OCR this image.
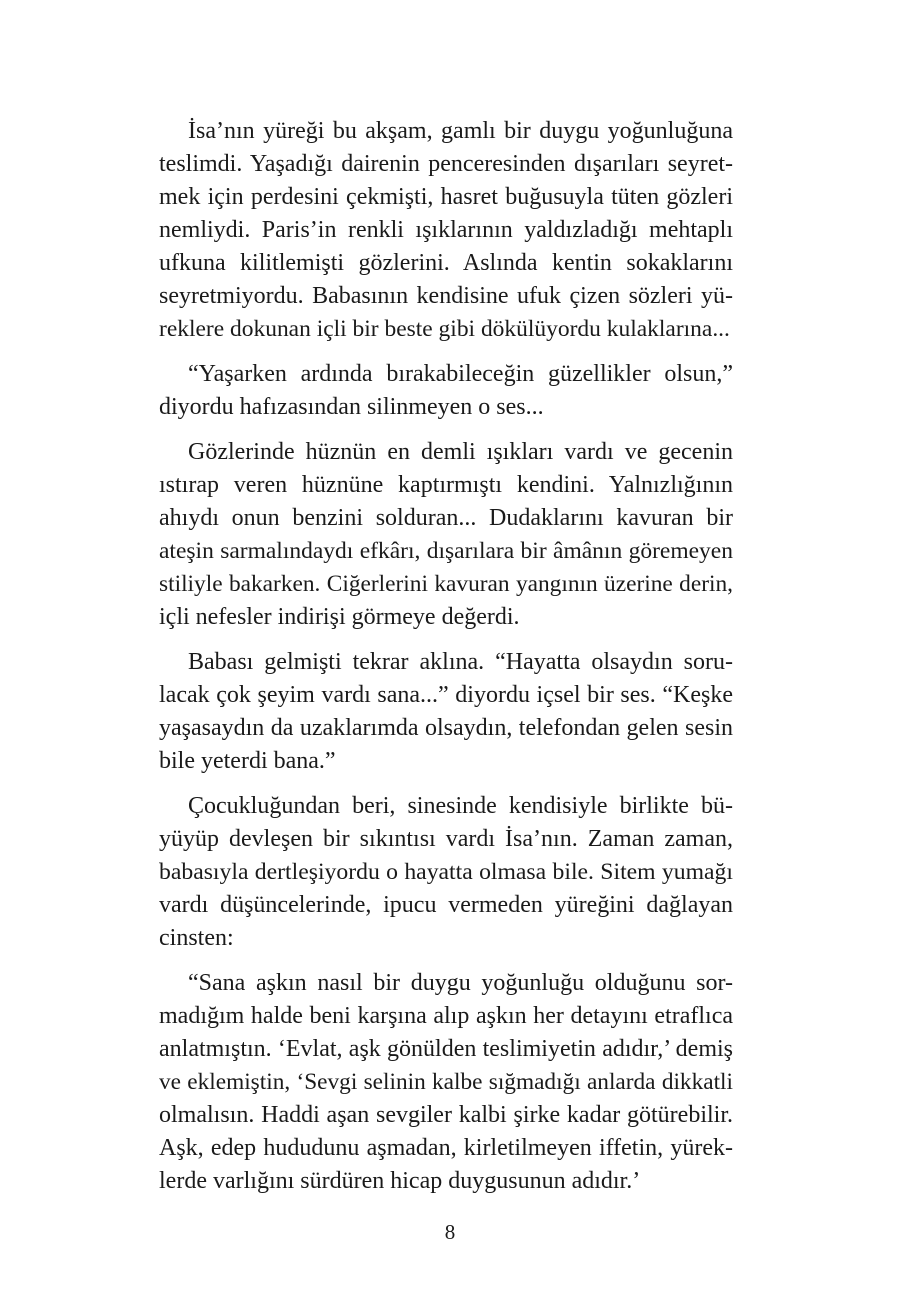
İsa’nın yüreği bu akşam, gamlı bir duygu yoğunluğuna
teslimdi. Yaşadığı dairenin penceresinden dışarıları seyret-
mek için perdesini çekmişti, hasret buğusuyla tüten gözleri
nemliydi. Paris’in renkli ışıklarının yaldızladığı mehtaplı
ufkuna kilitlemişti gözlerini. Aslında kentin sokaklarını
seyretmiyordu. Babasının kendisine ufuk çizen sözleri yü-
reklere dokunan içli bir beste gibi dökülüyordu kulaklarına...
“Yaşarken ardında bırakabileceğin güzellikler olsun,”
diyordu hafızasından silinmeyen o ses...
Gözlerinde hüznün en demli ışıkları vardı ve gecenin
ıstırap veren hüznüne kaptırmıştı kendini. Yalnızlığının
ahıydı onun benzini solduran... Dudaklarını kavuran bir
ateşin sarmalındaydı efkârı, dışarılara bir âmânın göremeyen
stiliyle bakarken. Ciğerlerini kavuran yangının üzerine derin,
içli nefesler indirişi görmeye değerdi.
Babası gelmişti tekrar aklına. “Hayatta olsaydın soru-
lacak çok şeyim vardı sana...” diyordu içsel bir ses. “Keşke
yaşasaydın da uzaklarımda olsaydın, telefondan gelen sesin
bile yeterdi bana.”
Çocukluğundan beri, sinesinde kendisiyle birlikte bü-
yüyüp devleşen bir sıkıntısı vardı İsa’nın. Zaman zaman,
babasıyla dertleşiyordu o hayatta olmasa bile. Sitem yumağı
vardı düşüncelerinde, ipucu vermeden yüreğini dağlayan
cinsten:
“Sana aşkın nasıl bir duygu yoğunluğu olduğunu sor-
madığım halde beni karşına alıp aşkın her detayını etraflıca
anlatmıştın. ‘Evlat, aşk gönülden teslimiyetin adıdır,’ demiş
ve eklemiştin, ‘Sevgi selinin kalbe sığmadığı anlarda dikkatli
olmalısın. Haddi aşan sevgiler kalbi şirke kadar götürebilir.
Aşk, edep hududunu aşmadan, kirletilmeyen iffetin, yürek-
lerde varlığını sürdüren hicap duygusunun adıdır.’
8
